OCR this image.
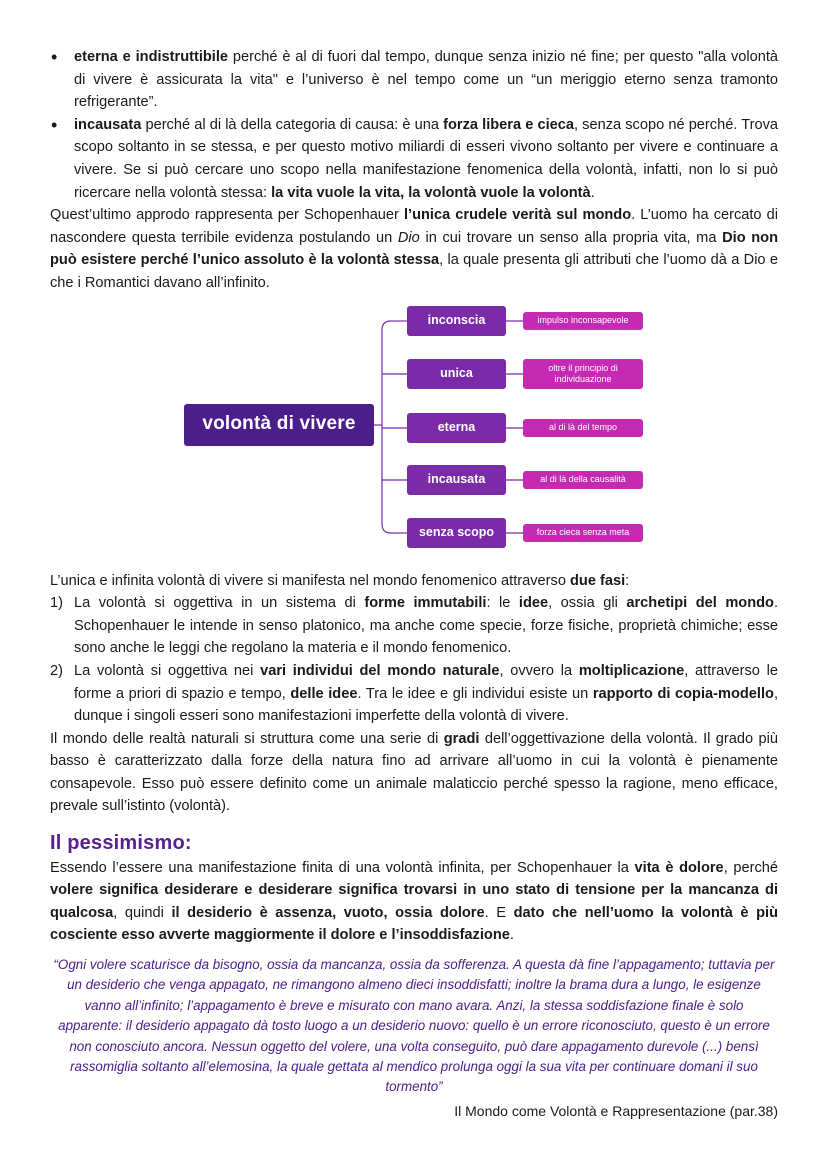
• eterna e indistruttibile perché è al di fuori dal tempo, dunque senza inizio né fine; per questo "alla volontà di vivere è assicurata la vita" e l’universo è nel tempo come un “un meriggio eterno senza tramonto refrigerante”.
• incausata perché al di là della categoria di causa: è una forza libera e cieca, senza scopo né perché. Trova scopo soltanto in se stessa, e per questo motivo miliardi di esseri vivono soltanto per vivere e continuare a vivere. Se si può cercare uno scopo nella manifestazione fenomenica della volontà, infatti, non lo si può ricercare nella volontà stessa: la vita vuole la vita, la volontà vuole la volontà.

Quest’ultimo approdo rappresenta per Schopenhauer l’unica crudele verità sul mondo. L’uomo ha cercato di nascondere questa terribile evidenza postulando un Dio in cui trovare un senso alla propria vita, ma Dio non può esistere perché l’unico assoluto è la volontà stessa, la quale presenta gli attributi che l’uomo dà a Dio e che i Romantici davano all’infinito.

volontà di vivere
inconscia
unica
eterna
incausata
senza scopo
impulso inconsapevole
oltre il principio di individuazione
al di là del tempo
al di là della causalità
forza cieca senza meta

L’unica e infinita volontà di vivere si manifesta nel mondo fenomenico attraverso due fasi:

1) La volontà si oggettiva in un sistema di forme immutabili: le idee, ossia gli archetipi del mondo. Schopenhauer le intende in senso platonico, ma anche come specie, forze fisiche, proprietà chimiche; esse sono anche le leggi che regolano la materia e il mondo fenomenico.
2) La volontà si oggettiva nei vari individui del mondo naturale, ovvero la moltiplicazione, attraverso le forme a priori di spazio e tempo, delle idee. Tra le idee e gli individui esiste un rapporto di copia-modello, dunque i singoli esseri sono manifestazioni imperfette della volontà di vivere.

Il mondo delle realtà naturali si struttura come una serie di gradi dell’oggettivazione della volontà. Il grado più basso è caratterizzato dalla forze della natura fino ad arrivare all’uomo in cui la volontà è pienamente consapevole. Esso può essere definito come un animale malaticcio perché spesso la ragione, meno efficace, prevale sull’istinto (volontà).

Il pessimismo:

Essendo l’essere una manifestazione finita di una volontà infinita, per Schopenhauer la vita è dolore, perché volere significa desiderare e desiderare significa trovarsi in uno stato di tensione per la mancanza di qualcosa, quindi il desiderio è assenza, vuoto, ossia dolore. E dato che nell’uomo la volontà è più cosciente esso avverte maggiormente il dolore e l’insoddisfazione.

“Ogni volere scaturisce da bisogno, ossia da mancanza, ossia da sofferenza. A questa dà fine l’appagamento; tuttavia per un desiderio che venga appagato, ne rimangono almeno dieci insoddisfatti; inoltre la brama dura a lungo, le esigenze vanno all’infinito; l’appagamento è breve e misurato con mano avara. Anzi, la stessa soddisfazione finale è solo apparente: il desiderio appagato dà tosto luogo a un desiderio nuovo: quello è un errore riconosciuto, questo è un errore non conosciuto ancora. Nessun oggetto del volere, una volta conseguito, può dare appagamento durevole (...) bensì rassomiglia soltanto all’elemosina, la quale gettata al mendico prolunga oggi la sua vita per continuare domani il suo tormento”
Il Mondo come Volontà e Rappresentazione (par.38)
